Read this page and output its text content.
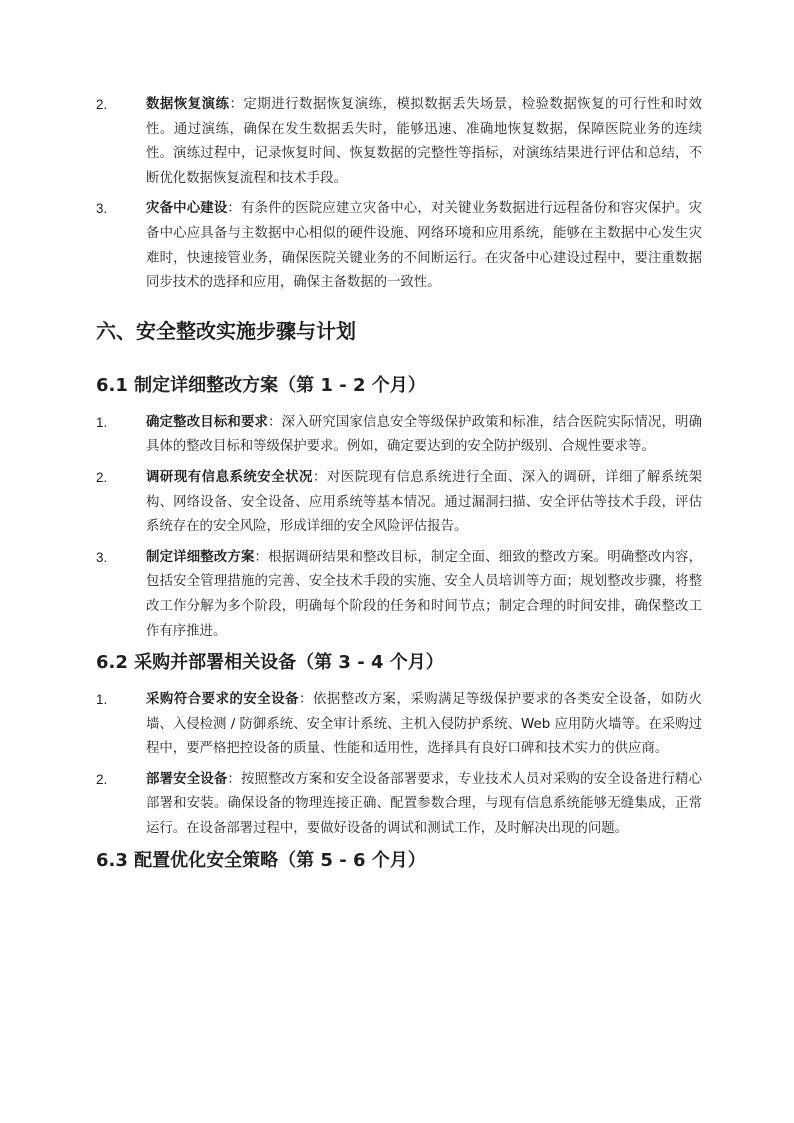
2.	数据恢复演练：定期进行数据恢复演练，模拟数据丢失场景，检验数据恢复的可行性和时效性。通过演练，确保在发生数据丢失时，能够迅速、准确地恢复数据，保障医院业务的连续性。演练过程中，记录恢复时间、恢复数据的完整性等指标，对演练结果进行评估和总结，不断优化数据恢复流程和技术手段。
3.	灾备中心建设：有条件的医院应建立灾备中心，对关键业务数据进行远程备份和容灾保护。灾备中心应具备与主数据中心相似的硬件设施、网络环境和应用系统，能够在主数据中心发生灾难时，快速接管业务，确保医院关键业务的不间断运行。在灾备中心建设过程中，要注重数据同步技术的选择和应用，确保主备数据的一致性。
六、安全整改实施步骤与计划
6.1 制定详细整改方案（第 1 - 2 个月）
1.	确定整改目标和要求：深入研究国家信息安全等级保护政策和标准，结合医院实际情况，明确具体的整改目标和等级保护要求。例如，确定要达到的安全防护级别、合规性要求等。
2.	调研现有信息系统安全状况：对医院现有信息系统进行全面、深入的调研，详细了解系统架构、网络设备、安全设备、应用系统等基本情况。通过漏洞扫描、安全评估等技术手段，评估系统存在的安全风险，形成详细的安全风险评估报告。
3.	制定详细整改方案：根据调研结果和整改目标，制定全面、细致的整改方案。明确整改内容，包括安全管理措施的完善、安全技术手段的实施、安全人员培训等方面；规划整改步骤，将整改工作分解为多个阶段，明确每个阶段的任务和时间节点；制定合理的时间安排，确保整改工作有序推进。
6.2 采购并部署相关设备（第 3 - 4 个月）
1.	采购符合要求的安全设备：依据整改方案，采购满足等级保护要求的各类安全设备，如防火墙、入侵检测 / 防御系统、安全审计系统、主机入侵防护系统、Web 应用防火墙等。在采购过程中，要严格把控设备的质量、性能和适用性，选择具有良好口碑和技术实力的供应商。
2.	部署安全设备：按照整改方案和安全设备部署要求，专业技术人员对采购的安全设备进行精心部署和安装。确保设备的物理连接正确、配置参数合理，与现有信息系统能够无缝集成，正常运行。在设备部署过程中，要做好设备的调试和测试工作，及时解决出现的问题。
6.3 配置优化安全策略（第 5 - 6 个月）
